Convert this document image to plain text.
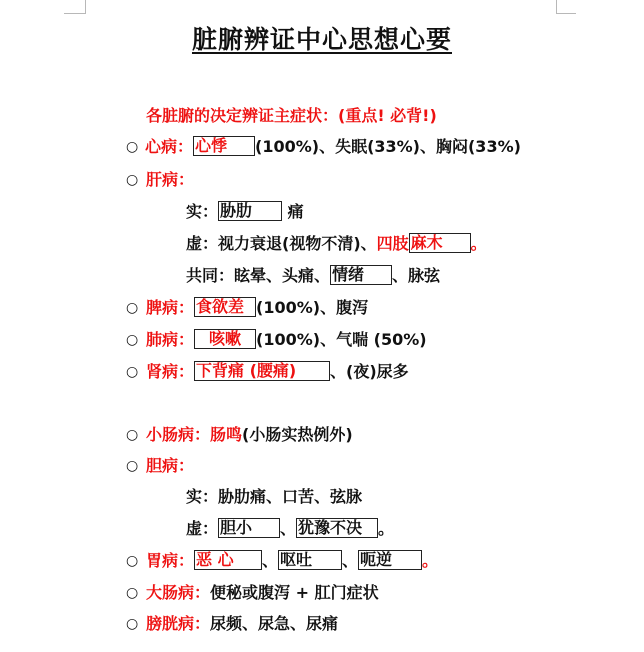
脏腑辨证中心思想心要
各脏腑的决定辨证主症状：(重点! 必背!)
○ 心病： 心悸 (100%)、失眠(33%)、胸闷(33%)
○ 肝病：
实： 胁肋 痛
虚：视力衰退(视物不清)、四肢 麻木 。
共同：眩晕、头痛、 情绪 、脉弦
○ 脾病： 食欲差 (100%)、腹泻
○ 肺病： 咳嗽 (100%)、气喘 (50%)
○ 肾病： 下背痛 (腰痛) 、(夜)尿多
○ 小肠病：肠鸣(小肠实热例外)
○ 胆病：
实：胁肋痛、口苦、弦脉
虚： 胆小 、 犹豫不决 。
○ 胃病： 恶 心 、 呕吐 、 呃逆 。
○ 大肠病：便秘或腹泻 + 肛门症状
○ 膀胱病：尿频、尿急、尿痛
